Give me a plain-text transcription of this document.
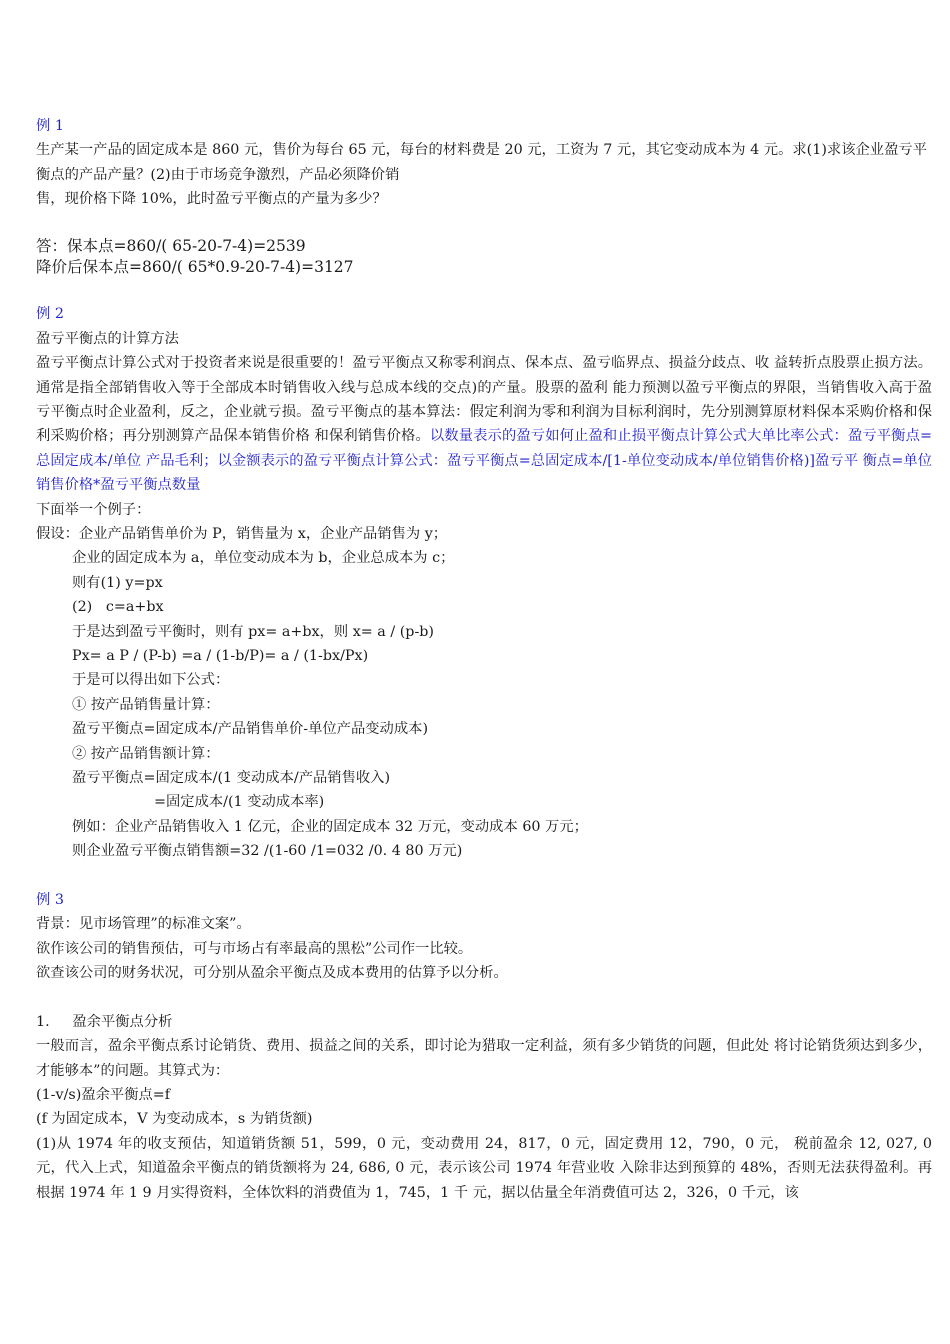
例 1
生产某一产品的固定成本是 860 元，售价为每台 65 元，每台的材料费是 20 元，工资为 7 元，其它变动成本为 4 元。求(1)求该企业盈亏平衡点的产品产量？(2)由于市场竞争激烈，产品必须降价销
售，现价格下降 10%，此时盈亏平衡点的产量为多少？
答：保本点=860/( 65-20-7-4)=2539
降价后保本点=860/( 65*0.9-20-7-4)=3127
例 2
盈亏平衡点的计算方法
盈亏平衡点计算公式对于投资者来说是很重要的！盈亏平衡点又称零利润点、保本点、盈亏临界点、损益分歧点、收 益转折点股票止损方法。通常是指全部销售收入等于全部成本时销售收入线与总成本线的交点)的产量。股票的盈利 能力预测以盈亏平衡点的界限，当销售收入高于盈亏平衡点时企业盈利，反之，企业就亏损。盈亏平衡点的基本算法：假定利润为零和利润为目标利润时，先分别测算原材料保本采购价格和保利采购价格；再分别测算产品保本销售价格 和保利销售价格。以数量表示的盈亏如何止盈和止损平衡点计算公式大单比率公式：盈亏平衡点=总固定成本/单位 产品毛利；以金额表示的盈亏平衡点计算公式：盈亏平衡点=总固定成本/[1-单位变动成本/单位销售价格)]盈亏平 衡点=单位销售价格*盈亏平衡点数量
下面举一个例子：
假设：企业产品销售单价为 P，销售量为 x，企业产品销售为 y；
企业的固定成本为 a，单位变动成本为 b，企业总成本为 c；
则有(1) y=px
(2)   c=a+bx
于是达到盈亏平衡时，则有 px= a+bx，则 x= a / (p-b)
Px= a P / (P-b) =a / (1-b/P)= a / (1-bx/Px)
于是可以得出如下公式：
① 按产品销售量计算：
盈亏平衡点=固定成本/产品销售单价-单位产品变动成本)
② 按产品销售额计算：
盈亏平衡点=固定成本/(1 变动成本/产品销售收入)
=固定成本/(1 变动成本率)
例如：企业产品销售收入 1 亿元，企业的固定成本 32 万元，变动成本 60 万元；
则企业盈亏平衡点销售额=32 /(1-60 /1=032 /0. 4 80 万元)
例 3
背景：见市场管理”的标准文案”。
欲作该公司的销售预估，可与市场占有率最高的黑松”公司作一比较。
欲查该公司的财务状况，可分别从盈余平衡点及成本费用的估算予以分析。
1.     盈余平衡点分析
一般而言，盈余平衡点系讨论销货、费用、损益之间的关系，即讨论为猎取一定利益，须有多少销货的问题，但此处 将讨论销货须达到多少，才能够本”的问题。其算式为：
(1-v/s)盈余平衡点=f
(f 为固定成本，V 为变动成本，s 为销货额)
(1)从 1974 年的收支预估，知道销货额 51，599，0 元，变动费用 24，817，0 元，固定费用 12，790，0 元， 税前盈余 12, 027, 0 元，代入上式，知道盈余平衡点的销货额将为 24, 686, 0 元，表示该公司 1974 年营业收 入除非达到预算的 48%，否则无法获得盈利。再根据 1974 年 1 9 月实得资料，全体饮料的消费值为 1，745，1 千 元，据以估量全年消费值可达 2，326，0 千元，该
